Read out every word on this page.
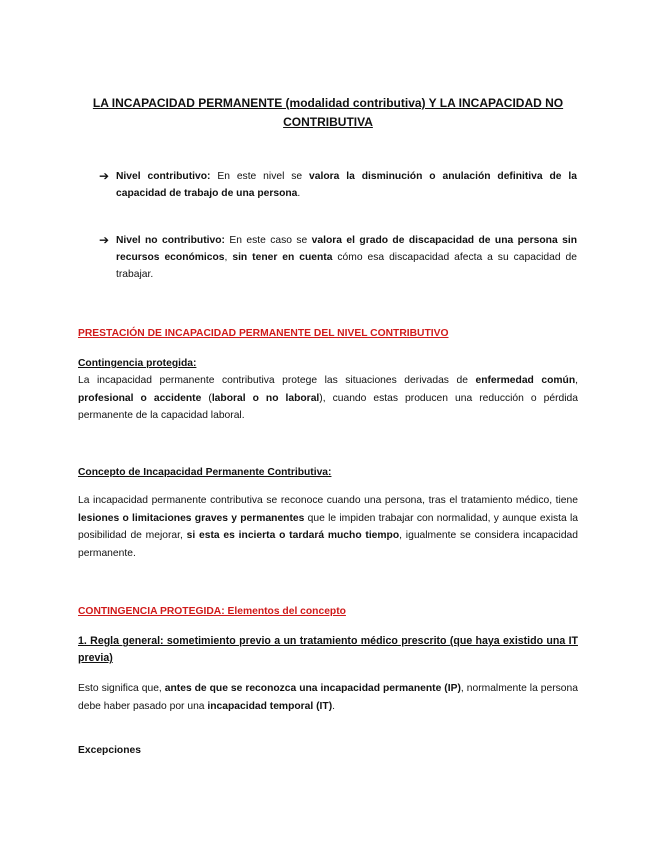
LA INCAPACIDAD PERMANENTE (modalidad contributiva) Y LA INCAPACIDAD NO CONTRIBUTIVA
➔ Nivel contributivo: En este nivel se valora la disminución o anulación definitiva de la capacidad de trabajo de una persona.
➔ Nivel no contributivo: En este caso se valora el grado de discapacidad de una persona sin recursos económicos, sin tener en cuenta cómo esa discapacidad afecta a su capacidad de trabajar.
PRESTACIÓN DE INCAPACIDAD PERMANENTE DEL NIVEL CONTRIBUTIVO
Contingencia protegida:
La incapacidad permanente contributiva protege las situaciones derivadas de enfermedad común, profesional o accidente (laboral o no laboral), cuando estas producen una reducción o pérdida permanente de la capacidad laboral.
Concepto de Incapacidad Permanente Contributiva:
La incapacidad permanente contributiva se reconoce cuando una persona, tras el tratamiento médico, tiene lesiones o limitaciones graves y permanentes que le impiden trabajar con normalidad, y aunque exista la posibilidad de mejorar, si esta es incierta o tardará mucho tiempo, igualmente se considera incapacidad permanente.
CONTINGENCIA PROTEGIDA: Elementos del concepto
1. Regla general: sometimiento previo a un tratamiento médico prescrito (que haya existido una IT previa)
Esto significa que, antes de que se reconozca una incapacidad permanente (IP), normalmente la persona debe haber pasado por una incapacidad temporal (IT).
Excepciones
